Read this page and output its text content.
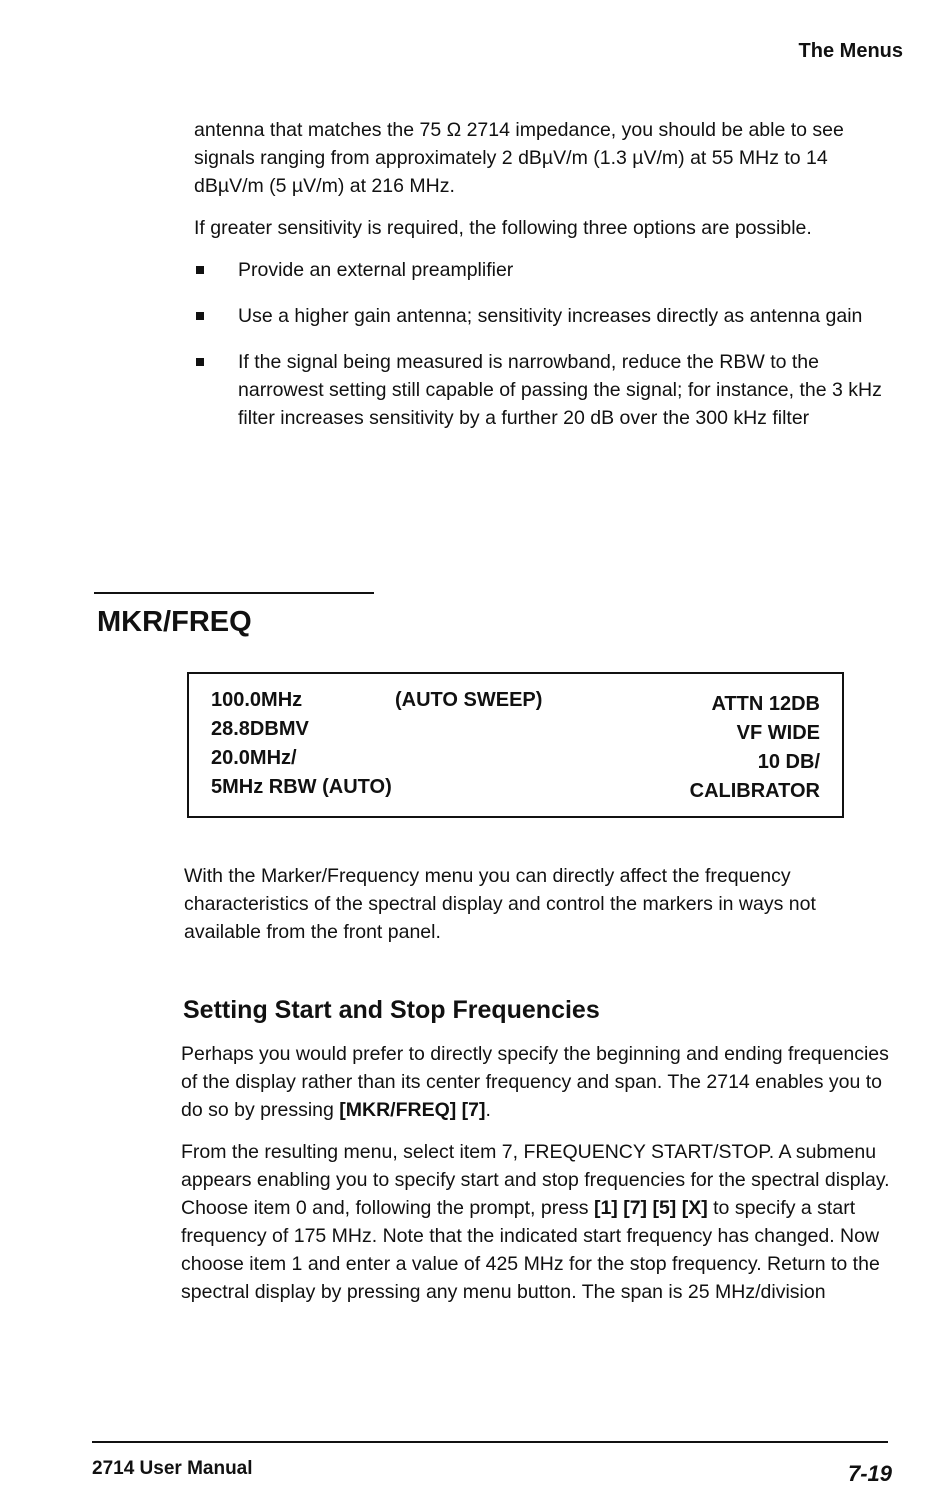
The Menus

antenna that matches the 75 Ω 2714 impedance, you should be able to see signals ranging from approximately 2 dBµV/m (1.3 µV/m) at 55 MHz to 14 dBµV/m (5 µV/m) at 216 MHz.

If greater sensitivity is required, the following three options are possible.

Provide an external preamplifier
Use a higher gain antenna; sensitivity increases directly as antenna gain
If the signal being measured is narrowband, reduce the RBW to the narrowest setting still capable of passing the signal; for instance, the 3 kHz filter increases sensitivity by a further 20 dB over the 300 kHz filter
MKR/FREQ
100.0MHz
28.8DBMV
20.0MHz/
5MHz RBW (AUTO)
(AUTO SWEEP)	ATTN 12DB
VF WIDE
10 DB/
CALIBRATOR

With the Marker/Frequency menu you can directly affect the frequency characteristics of the spectral display and control the markers in ways not available from the front panel.

Setting Start and Stop Frequencies

Perhaps you would prefer to directly specify the beginning and ending frequencies of the display rather than its center frequency and span. The 2714 enables you to do so by pressing [MKR/FREQ] [7].

From the resulting menu, select item 7, FREQUENCY START/STOP. A submenu appears enabling you to specify start and stop frequencies for the spectral display. Choose item 0 and, following the prompt, press [1] [7] [5] [X] to specify a start frequency of 175 MHz. Note that the indicated start frequency has changed. Now choose item 1 and enter a value of 425 MHz for the stop frequency. Return to the spectral display by pressing any menu button. The span is 25 MHz/division

2714 User Manual	7-19
